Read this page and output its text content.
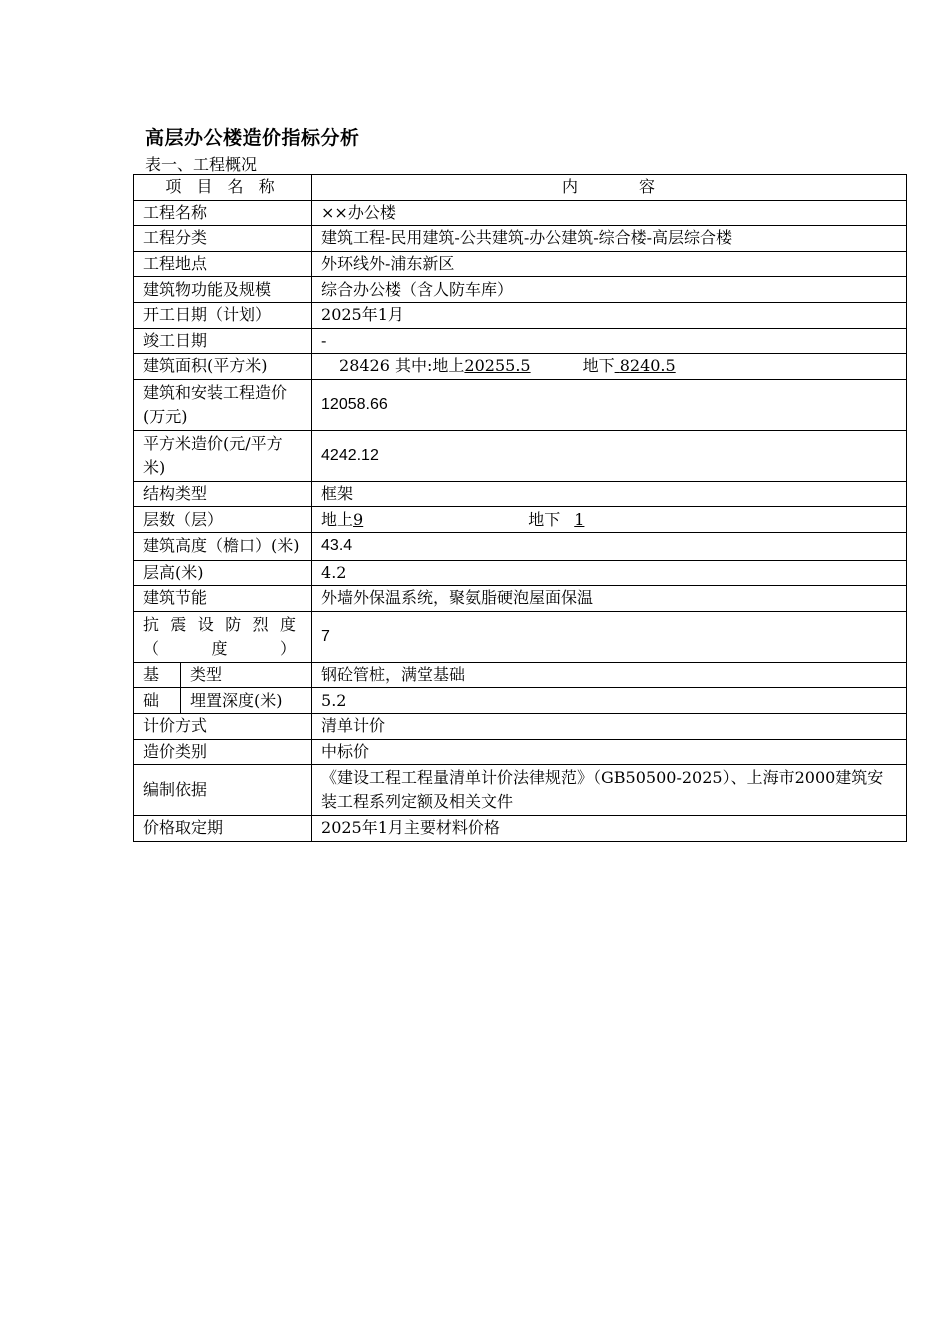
高层办公楼造价指标分析
表一、工程概况
项 目 名 称		内 容
工程名称		××办公楼
工程分类		建筑工程-民用建筑-公共建筑-办公建筑-综合楼-高层综合楼
工程地点		外环线外-浦东新区
建筑物功能及规模		综合办公楼（含人防车库）
开工日期（计划）		2025年1月
竣工日期		-
建筑面积(平方米)		28426 其中:地上20255.5 地下 8240.5
建筑和安装工程造价(万元)		12058.66
平方米造价(元/平方米)		4242.12
结构类型		框架
层数（层）		地上9 地下 1
建筑高度（檐口）(米)		43.4
层高(米)		4.2
建筑节能		外墙外保温系统，聚氨脂硬泡屋面保温
抗震设防烈度（度）		7
基	类型	钢砼管桩，满堂基础
础	埋置深度(米)	5.2
计价方式		清单计价
造价类别		中标价
编制依据		《建设工程工程量清单计价法律规范》（GB50500-2025）、上海市2000建筑安装工程系列定额及相关文件
价格取定期		2025年1月主要材料价格
